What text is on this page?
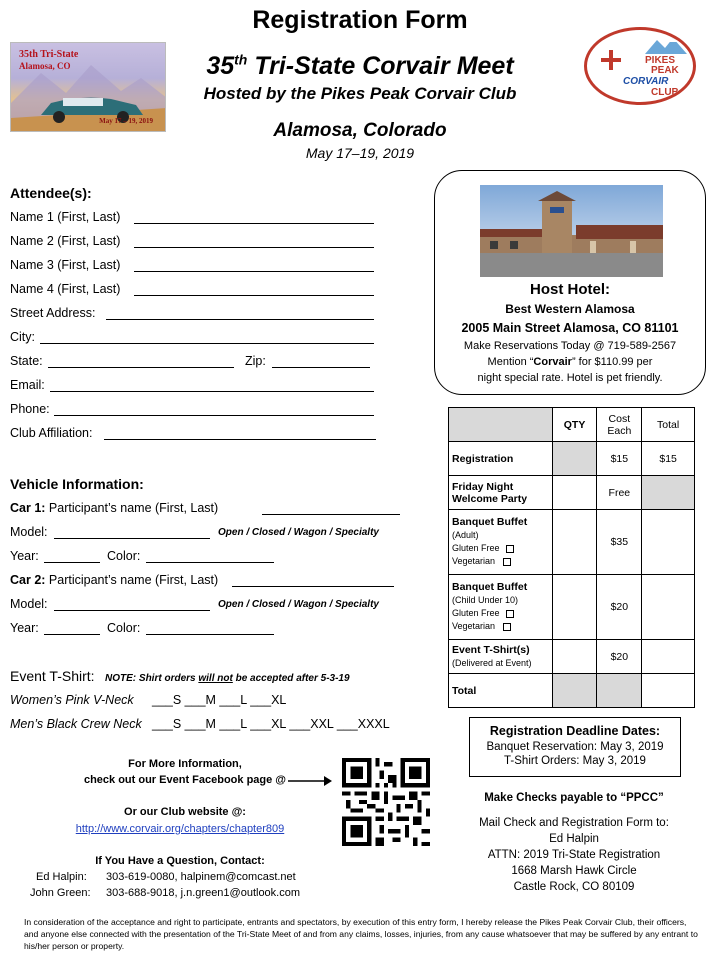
Registration Form
35th Tri-State Corvair Meet
Hosted by the Pikes Peak Corvair Club
Alamosa, Colorado
May 17–19, 2019
35th Tri-State
Alamosa, CO
May 17 – 19, 2019
PIKES
PEAK
CORVAIR
CLUB
Attendee(s):
Name 1 (First, Last)
Name 2 (First, Last)
Name 3 (First, Last)
Name 4 (First, Last)
Street Address:
City:
State:	Zip:
Email:
Phone:
Club Affiliation:
Vehicle Information:
Car 1: Participant’s name (First, Last)
Model:	Open / Closed / Wagon / Specialty
Year:	Color:
Car 2: Participant’s name (First, Last)
Model:	Open / Closed / Wagon / Specialty
Year:	Color:
Event T-Shirt: NOTE: Shirt orders will not be accepted after 5-3-19
Women’s Pink V-Neck ___S ___M ___L ___XL
Men’s Black Crew Neck ___S ___M ___L ___XL ___XXL ___XXXL
For More Information,
check out our Event Facebook page @
Or our Club website @:
http://www.corvair.org/chapters/chapter809
If You Have a Question, Contact:
Ed Halpin: 303-619-0080, halpinem@comcast.net
John Green: 303-688-9018, j.n.green1@outlook.com
Host Hotel:
Best Western Alamosa
2005 Main Street Alamosa, CO 81101
Make Reservations Today @ 719-589-2567
Mention “Corvair” for $110.99 per
night special rate. Hotel is pet friendly.
	QTY	Cost Each	Total
Registration		$15	$15
Friday Night Welcome Party		Free	

Banquet Buffet
(Adult)
Gluten Free
Vegetarian		$35	

Banquet Buffet
(Child Under 10)
Gluten Free
Vegetarian		$20	

Event T-Shirt(s)
(Delivered at Event)		$20	
Total			
Registration Deadline Dates:
Banquet Reservation: May 3, 2019
T-Shirt Orders: May 3, 2019
Make Checks payable to “PPCC”
Mail Check and Registration Form to:
Ed Halpin
ATTN: 2019 Tri-State Registration
1668 Marsh Hawk Circle
Castle Rock, CO 80109
In consideration of the acceptance and right to participate, entrants and spectators, by execution of this entry form, I hereby release the Pikes Peak Corvair Club, their officers, and anyone else connected with the presentation of the Tri-State Meet of and from any claims, losses, injuries, from any cause whatsoever that may be suffered by any entrant to his/her person or property.
